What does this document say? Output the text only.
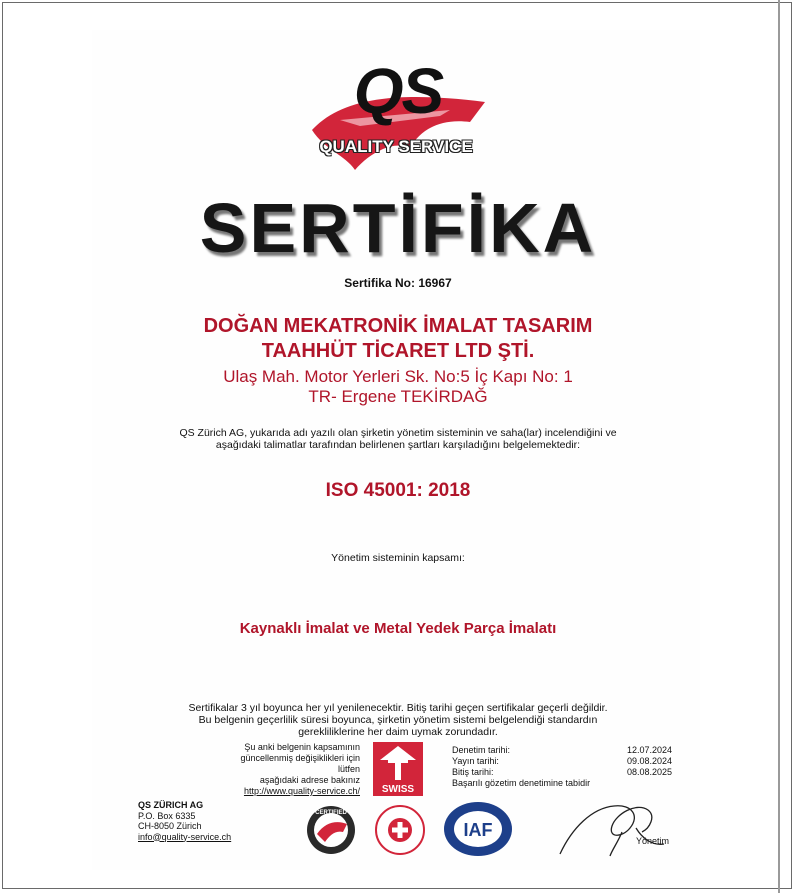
QS
QUALITY SERVICE
SERTİFİKA
Sertifika No: 16967
DOĞAN MEKATRONİK İMALAT TASARIM
TAAHHÜT TİCARET LTD ŞTİ.
Ulaş Mah. Motor Yerleri Sk. No:5 İç Kapı No: 1
TR- Ergene TEKİRDAĞ
QS Zürich AG, yukarıda adı yazılı olan şirketin yönetim sisteminin ve saha(lar) incelendiğini ve
aşağıdaki talimatlar tarafından belirlenen şartları karşıladığını belgelemektedir:
ISO 45001: 2018
Yönetim sisteminin kapsamı:
Kaynaklı İmalat ve Metal Yedek Parça İmalatı
Sertifikalar 3 yıl boyunca her yıl yenilenecektir. Bitiş tarihi geçen sertifikalar geçerli değildir.
Bu belgenin geçerlilik süresi boyunca, şirketin yönetim sistemi belgelendiği standardın
gerekliliklerine her daim uymak zorundadır.
Şu anki belgenin kapsamının
güncellenmiş değişiklikleri için lütfen
aşağıdaki adrese bakınız
http://www.quality-service.ch/ SWISS
Denetim tarihi:	12.07.2024
Yayın tarihi:	09.08.2024
Bitiş tarihi:	08.08.2025
Başarılı gözetim denetimine tabidir
QS ZÜRICH AG
P.O. Box 6335
CH-8050 Zürich
info@quality-service.ch
CERTIFIED
IAF
Yönetim
